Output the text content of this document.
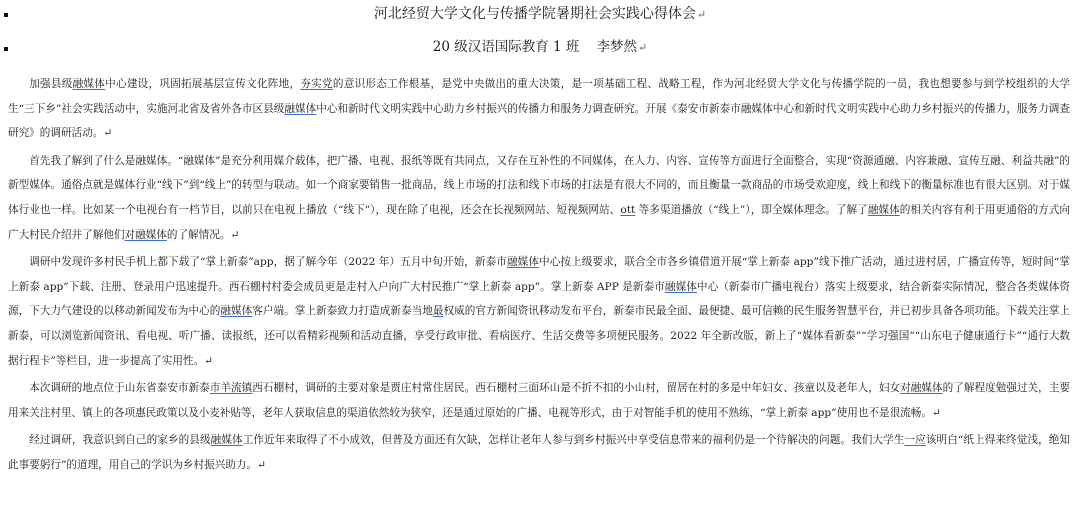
河北经贸大学文化与传播学院暑期社会实践心得体会↵
20 级汉语国际教育 1 班    李梦然↵

加强县级融媒体中心建设，巩固拓展基层宣传文化阵地，夯实党的意识形态工作根基，是党中央做出的重大决策，是一项基础工程、战略工程，作为河北经贸大学文化与传播学院的一员，我也想要参与到学校组织的大学生“三下乡”社会实践活动中，实施河北省及省外各市区县级融媒体中心和新时代文明实践中心助力乡村振兴的传播力和服务力调查研究。开展《泰安市新泰市融媒体中心和新时代文明实践中心助力乡村振兴的传播力，服务力调查研究》的调研活动。↵

首先我了解到了什么是融媒体。“融媒体”是充分利用媒介载体，把广播、电视、报纸等既有共同点，又存在互补性的不同媒体，在人力、内容、宣传等方面进行全面整合，实现“资源通融、内容兼融、宣传互融、利益共融”的新型媒体。通俗点就是媒体行业“线下”到“线上”的转型与联动。如一个商家要销售一批商品，线上市场的打法和线下市场的打法是有很大不同的，而且衡量一款商品的市场受欢迎度，线上和线下的衡量标准也有很大区别。对于媒体行业也一样。比如某一个电视台有一档节目，以前只在电视上播放（“线下”），现在除了电视，还会在长视频网站、短视频网站、ott 等多渠道播放（“线上”），即全媒体理念。了解了融媒体的相关内容有利于用更通俗的方式向广大村民介绍并了解他们对融媒体的了解情况。↵

调研中发现许多村民手机上都下载了“掌上新泰”app，据了解今年（2022 年）五月中旬开始，新泰市融媒体中心按上级要求，联合全市各乡镇借道开展“掌上新泰 app”线下推广活动，通过进村居，广播宣传等，短时间“掌上新泰 app”下载、注册、登录用户迅速提升。西石棚村村委会成员更是走村入户向广大村民推广“掌上新泰 app”。掌上新泰 APP 是新泰市融媒体中心（新泰市广播电视台）落实上级要求，结合新泰实际情况，整合各类媒体资源，下大力气建设的以移动新闻发布为中心的融媒体客户端。掌上新泰致力打造成新泰当地最权威的官方新闻资讯移动发布平台，新泰市民最全面、最便捷、最可信赖的民生服务智慧平台，并已初步具备各项功能。下载关注掌上新泰，可以浏览新闻资讯、看电视、听广播、读报纸，还可以看精彩视频和活动直播，享受行政审批、看病医疗、生活交费等多项便民服务。2022 年全新改版，新上了“媒体看新泰”“学习强国”“山东电子健康通行卡”“通行大数据行程卡”等栏目，进一步提高了实用性。↵

本次调研的地点位于山东省泰安市新泰市羊流镇西石棚村，调研的主要对象是贾庄村常住居民。西石棚村三面环山是不折不扣的小山村，留居在村的多是中年妇女、孩童以及老年人，妇女对融媒体的了解程度勉强过关，主要用来关注村里、镇上的各项惠民政策以及小麦补贴等，老年人获取信息的渠道依然较为狭窄，还是通过原始的广播、电视等形式，由于对智能手机的使用不熟练，“掌上新泰 app”使用也不是很流畅。↵

经过调研，我意识到自己的家乡的县级融媒体工作近年来取得了不小成效，但普及方面还有欠缺，怎样让老年人参与到乡村振兴中享受信息带来的福利仍是一个待解决的问题。我们大学生一应该明白“纸上得来终觉浅，绝知此事要躬行”的道理，用自己的学识为乡村振兴助力。↵
